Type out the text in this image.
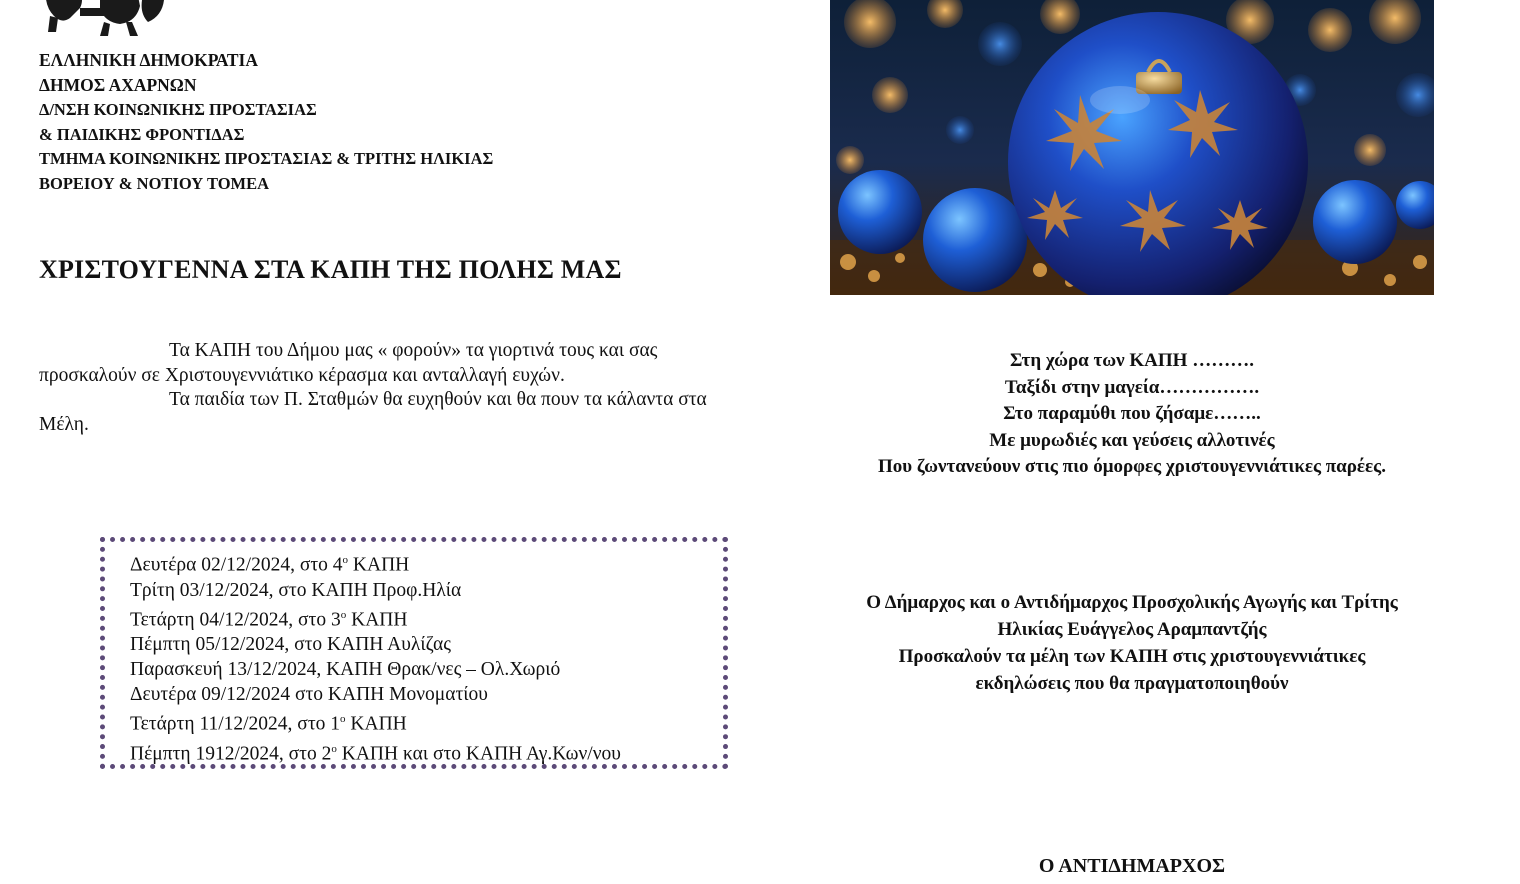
ΕΛΛΗΝΙΚΗ ΔΗΜΟΚΡΑΤΙΑ
ΔΗΜΟΣ ΑΧΑΡΝΩΝ
Δ/ΝΣΗ ΚΟΙΝΩΝΙΚΗΣ ΠΡΟΣΤΑΣΙΑΣ
& ΠΑΙΔΙΚΗΣ ΦΡΟΝΤΙΔΑΣ
ΤΜΗΜΑ ΚΟΙΝΩΝΙΚΗΣ ΠΡΟΣΤΑΣΙΑΣ & ΤΡΙΤΗΣ ΗΛΙΚΙΑΣ
ΒΟΡΕΙΟΥ & ΝΟΤΙΟΥ ΤΟΜΕΑ
ΧΡΙΣΤΟΥΓΕΝΝΑ ΣΤΑ ΚΑΠΗ ΤΗΣ ΠΟΛΗΣ ΜΑΣ
Τα ΚΑΠΗ του Δήμου μας « φορούν» τα γιορτινά τους και σας προσκαλούν σε Χριστουγεννιάτικο κέρασμα και ανταλλαγή ευχών.
Τα παιδία των Π. Σταθμών θα ευχηθούν και θα πουν τα κάλαντα στα Μέλη.
Δευτέρα 02/12/2024, στο $4^o$ ΚΑΠΗ
Τρίτη 03/12/2024, στο ΚΑΠΗ Προφ.Ηλία
Τετάρτη 04/12/2024, στο $3^o$ ΚΑΠΗ
Πέμπτη 05/12/2024, στο ΚΑΠΗ Αυλίζας
Παρασκευή 13/12/2024, ΚΑΠΗ Θρακ/νες – Ολ.Χωριό
Δευτέρα 09/12/2024 στο ΚΑΠΗ Μονοματίου
Τετάρτη 11/12/2024, στο $1^o$ ΚΑΠΗ
Πέμπτη 1912/2024, στο $2^o$ ΚΑΠΗ και στο ΚΑΠΗ Αγ.Κων/νου
Στη χώρα των ΚΑΠΗ ……….
Ταξίδι στην μαγεία…………….
Στο παραμύθι που ζήσαμε……..
Με μυρωδιές και γεύσεις αλλοτινές
Που ζωντανεύουν στις πιο όμορφες χριστουγεννιάτικες παρέες.
Ο Δήμαρχος και ο Αντιδήμαρχος Προσχολικής Αγωγής και Τρίτης
Ηλικίας Ευάγγελος Αραμπαντζής
Προσκαλούν τα μέλη των ΚΑΠΗ στις χριστουγεννιάτικες
εκδηλώσεις που θα πραγματοποιηθούν
Ο ΑΝΤΙΔΗΜΑΡΧΟΣ
